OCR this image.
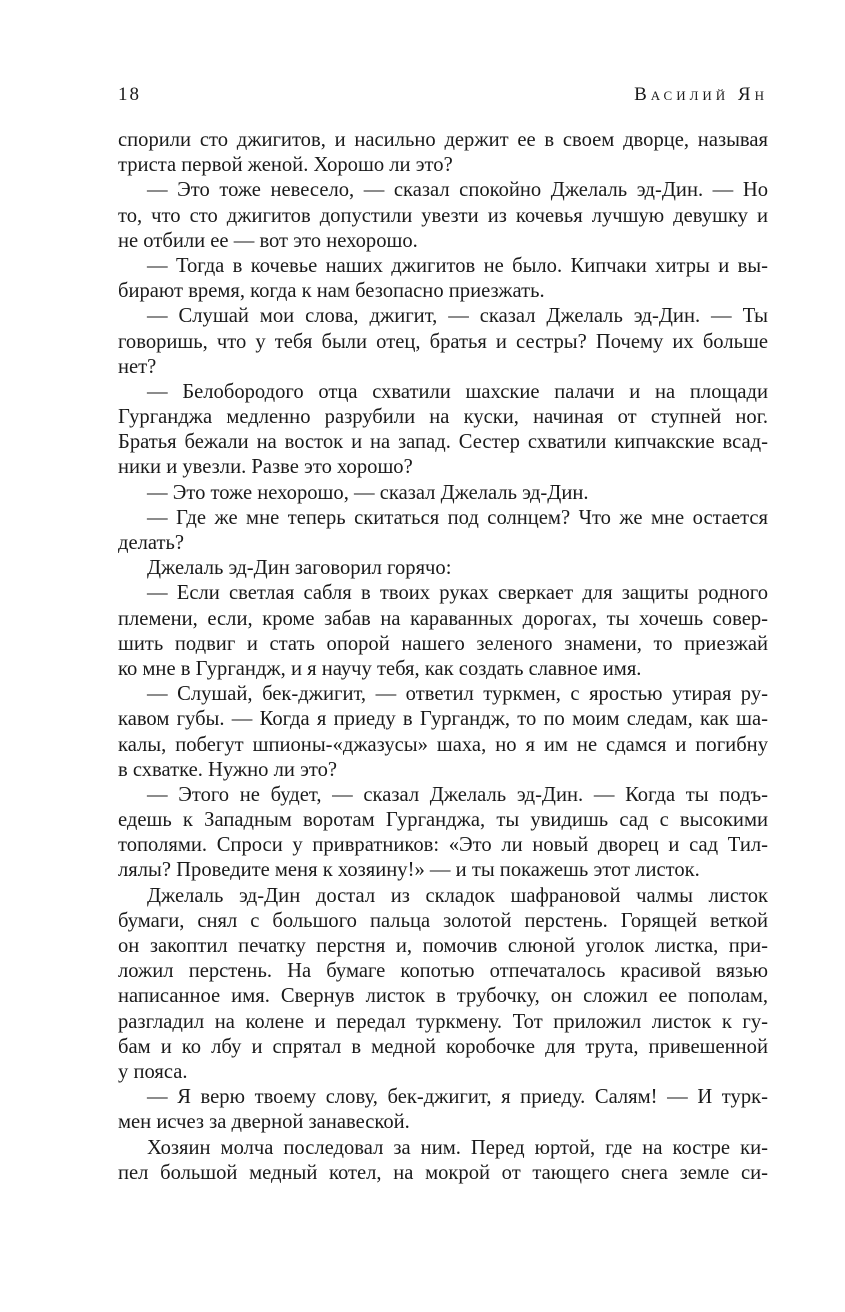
18	Василий Ян
спорили сто джигитов, и насильно держит ее в своем дворце, называя
триста первой женой. Хорошо ли это?
— Это тоже невесело, — сказал спокойно Джелаль эд-Дин. — Но
то, что сто джигитов допустили увезти из кочевья лучшую девушку и
не отбили ее — вот это нехорошо.
— Тогда в кочевье наших джигитов не было. Кипчаки хитры и вы-
бирают время, когда к нам безопасно приезжать.
— Слушай мои слова, джигит, — сказал Джелаль эд-Дин. — Ты
говоришь, что у тебя были отец, братья и сестры? Почему их больше
нет?
— Белобородого отца схватили шахские палачи и на площади
Гурганджа медленно разрубили на куски, начиная от ступней ног.
Братья бежали на восток и на запад. Сестер схватили кипчакские всад-
ники и увезли. Разве это хорошо?
— Это тоже нехорошо, — сказал Джелаль эд-Дин.
— Где же мне теперь скитаться под солнцем? Что же мне остается
делать?
Джелаль эд-Дин заговорил горячо:
— Если светлая сабля в твоих руках сверкает для защиты родного
племени, если, кроме забав на караванных дорогах, ты хочешь совер-
шить подвиг и стать опорой нашего зеленого знамени, то приезжай
ко мне в Гургандж, и я научу тебя, как создать славное имя.
— Слушай, бек-джигит, — ответил туркмен, с яростью утирая ру-
кавом губы. — Когда я приеду в Гургандж, то по моим следам, как ша-
калы, побегут шпионы-«джазусы» шаха, но я им не сдамся и погибну
в схватке. Нужно ли это?
— Этого не будет, — сказал Джелаль эд-Дин. — Когда ты подъ-
едешь к Западным воротам Гурганджа, ты увидишь сад с высокими
тополями. Спроси у привратников: «Это ли новый дворец и сад Тил-
лялы? Проведите меня к хозяину!» — и ты покажешь этот листок.
Джелаль эд-Дин достал из складок шафрановой чалмы листок
бумаги, снял с большого пальца золотой перстень. Горящей веткой
он закоптил печатку перстня и, помочив слюной уголок листка, при-
ложил перстень. На бумаге копотью отпечаталось красивой вязью
написанное имя. Свернув листок в трубочку, он сложил ее пополам,
разгладил на колене и передал туркмену. Тот приложил листок к гу-
бам и ко лбу и спрятал в медной коробочке для трута, привешенной
у пояса.
— Я верю твоему слову, бек-джигит, я приеду. Салям! — И турк-
мен исчез за дверной занавеской.
Хозяин молча последовал за ним. Перед юртой, где на костре ки-
пел большой медный котел, на мокрой от тающего снега земле си-
